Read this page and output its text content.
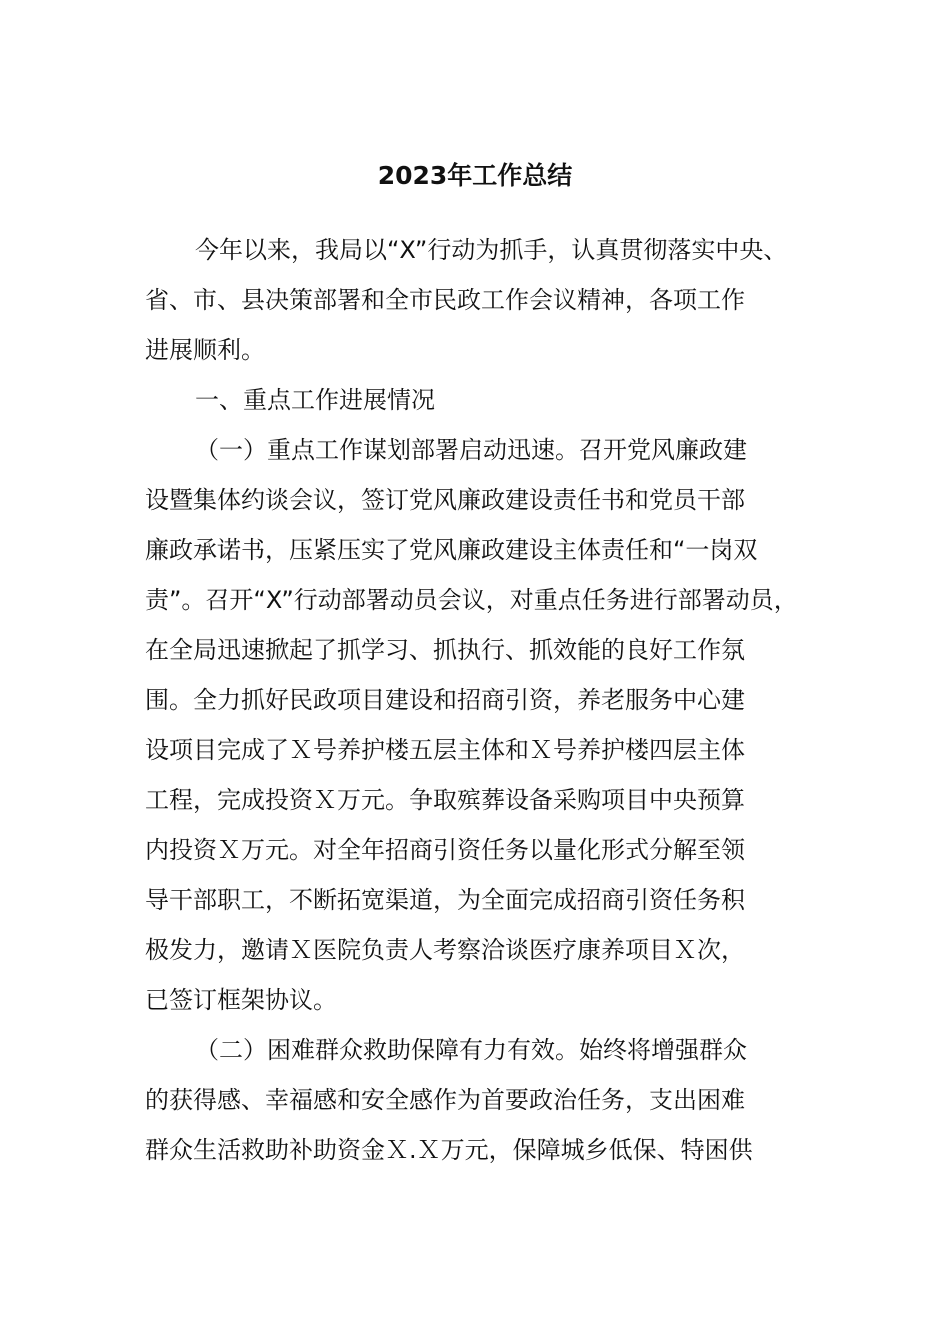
2023年工作总结
今年以来，我局以“X”行动为抓手，认真贯彻落实中央、
省、市、县决策部署和全市民政工作会议精神，各项工作
进展顺利。
一、重点工作进展情况
（一）重点工作谋划部署启动迅速。召开党风廉政建
设暨集体约谈会议，签订党风廉政建设责任书和党员干部
廉政承诺书，压紧压实了党风廉政建设主体责任和“一岗双
责”。召开“X”行动部署动员会议，对重点任务进行部署动员，
在全局迅速掀起了抓学习、抓执行、抓效能的良好工作氛
围。全力抓好民政项目建设和招商引资，养老服务中心建
设项目完成了Ｘ号养护楼五层主体和Ｘ号养护楼四层主体
工程，完成投资Ｘ万元。争取殡葬设备采购项目中央预算
内投资Ｘ万元。对全年招商引资任务以量化形式分解至领
导干部职工，不断拓宽渠道，为全面完成招商引资任务积
极发力，邀请Ｘ医院负责人考察洽谈医疗康养项目Ｘ次，
已签订框架协议。
（二）困难群众救助保障有力有效。始终将增强群众
的获得感、幸福感和安全感作为首要政治任务，支出困难
群众生活救助补助资金Ｘ.Ｘ万元，保障城乡低保、特困供
